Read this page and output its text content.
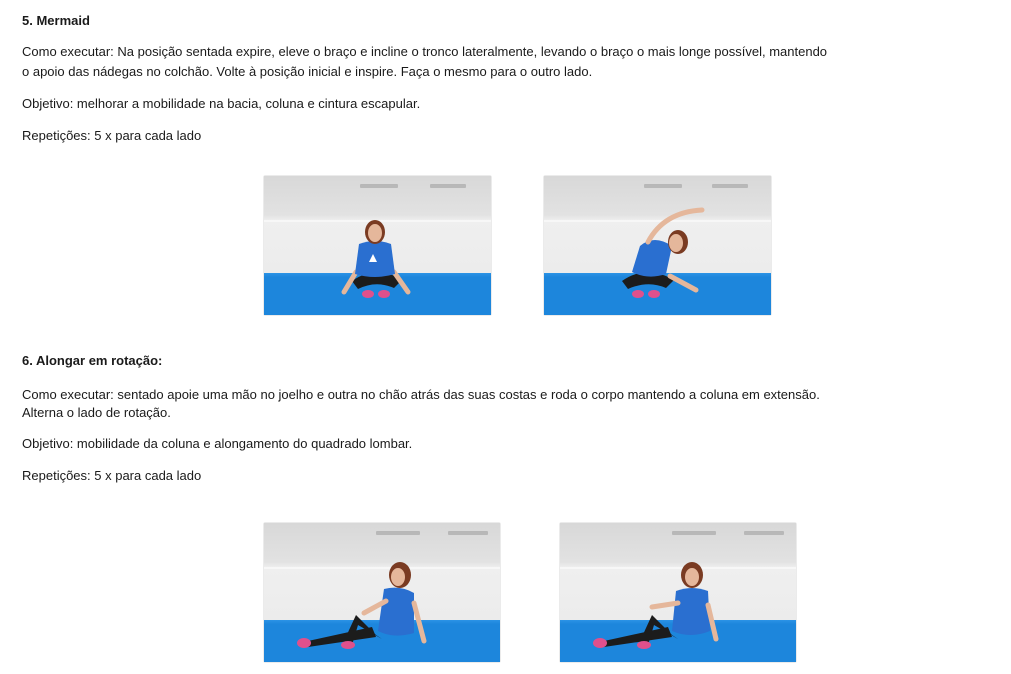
5. Mermaid
Como executar: Na posição sentada expire, eleve o braço e incline o tronco lateralmente, levando o braço o mais longe possível, mantendo
o apoio das nádegas no colchão. Volte à posição inicial e inspire. Faça o mesmo para o outro lado.
Objetivo: melhorar a mobilidade na bacia, coluna e cintura escapular.
Repetições: 5 x para cada lado
6. Alongar em rotação:
Como executar: sentado apoie uma mão no joelho e outra no chão atrás das suas costas e roda o corpo mantendo a coluna em extensão.
Alterna o lado de rotação.
Objetivo: mobilidade da coluna e alongamento do quadrado lombar.
Repetições: 5 x para cada lado
